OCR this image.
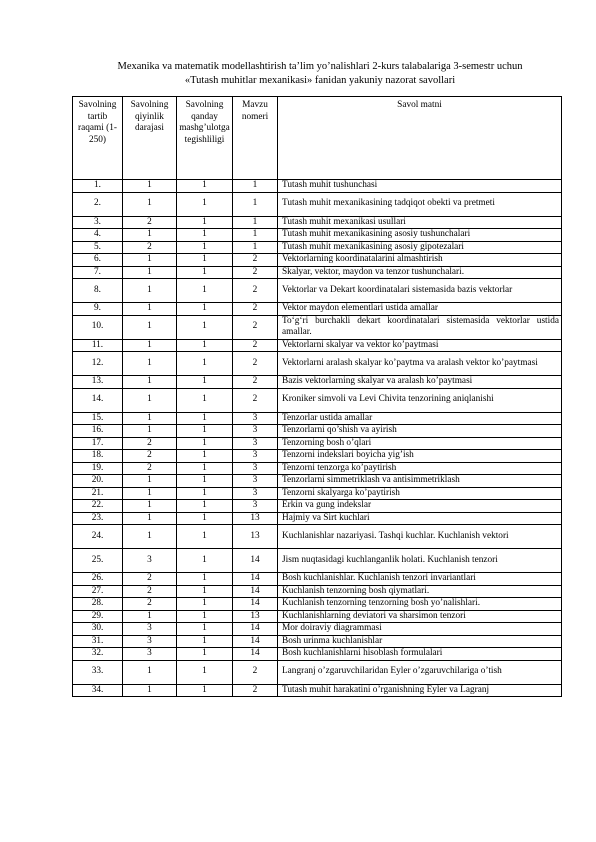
Mexanika va matematik modellashtirish ta’lim yo’nalishlari 2-kurs talabalariga 3-semestr uchun
«Tutash muhitlar mexanikasi» fanidan yakuniy nazorat savollari
Savolning tartib raqami (1-250)	Savolning qiyinlik darajasi	Savolning qanday mashg’ulotga tegishliligi	Mavzu nomeri	Savol matni
1.	1	1	1	Tutash muhit tushunchasi
2.	1	1	1	Tutash muhit mexanikasining tadqiqot obekti va pretmeti
3.	2	1	1	Tutash muhit mexanikasi usullari
4.	1	1	1	Tutash muhit mexanikasining asosiy tushunchalari
5.	2	1	1	Tutash muhit mexanikasining asosiy gipotezalari
6.	1	1	2	Vektorlarning koordinatalarini almashtirish
7.	1	1	2	Skalyar, vektor, maydon va tenzor tushunchalari.
8.	1	1	2	Vektorlar va Dekart koordinatalari sistemasida bazis vektorlar
9.	1	1	2	Vektor maydon elementlari ustida amallar
10.	1	1	2	To‘g‘ri burchakli dekart koordinatalari sistemasida vektorlar ustida amallar.
11.	1	1	2	Vektorlarni skalyar va vektor ko’paytmasi
12.	1	1	2	Vektorlarni aralash skalyar ko’paytma va aralash vektor ko’paytmasi
13.	1	1	2	Bazis vektorlarning skalyar va aralash ko’paytmasi
14.	1	1	2	Kroniker simvoli va Levi Chivita tenzorining aniqlanishi
15.	1	1	3	Tenzorlar ustida amallar
16.	1	1	3	Tenzorlarni qo’shish va ayirish
17.	2	1	3	Tenzorning bosh o’qlari
18.	2	1	3	Tenzorni indekslari boyicha yig’ish
19.	2	1	3	Tenzorni tenzorga ko’paytirish
20.	1	1	3	Tenzorlarni simmetriklash va antisimmetriklash
21.	1	1	3	Tenzorni skalyarga ko’paytirish
22.	1	1	3	Erkin va gung indekslar
23.	1	1	13	Hajmiy va Sirt kuchlari
24.	1	1	13	Kuchlanishlar nazariyasi. Tashqi kuchlar. Kuchlanish vektori
25.	3	1	14	Jism nuqtasidagi kuchlanganlik holati. Kuchlanish tenzori
26.	2	1	14	Bosh kuchlanishlar. Kuchlanish tenzori invariantlari
27.	2	1	14	Kuchlanish tenzorning bosh qiymatlari.
28.	2	1	14	Kuchlanish tenzorning tenzorning bosh yo’nalishlari.
29.	1	1	13	Kuchlanishlarning deviatori va sharsimon tenzori
30.	3	1	14	Mor doiraviy diagrammasi
31.	3	1	14	Bosh urinma kuchlanishlar
32.	3	1	14	Bosh kuchlanishlarni hisoblash formulalari
33.	1	1	2	Langranj o’zgaruvchilaridan Eyler o’zgaruvchilariga o’tish
34.	1	1	2	Tutash muhit harakatini o’rganishning Eyler va Lagranj
